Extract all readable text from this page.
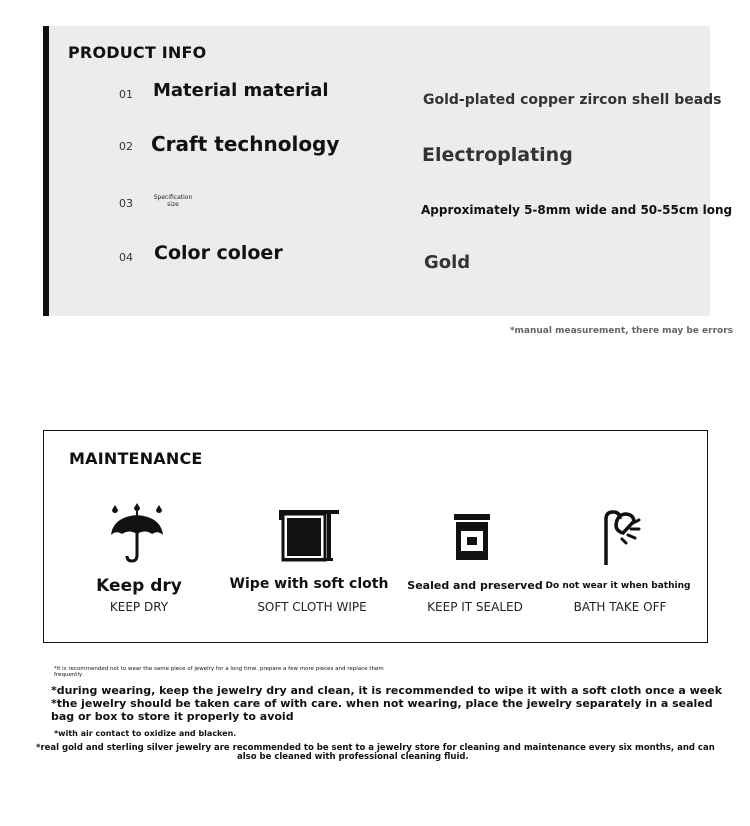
PRODUCT INFO
01 Material material	Gold-plated copper zircon shell beads
02 Craft technology	Electroplating
03	Specification size	Approximately 5-8mm wide and 50-55cm long
04 Color coloer	Gold
*manual measurement, there may be errors
MAINTENANCE
Keep dry
KEEP DRY
Wipe with soft cloth
SOFT CLOTH WIPE
Sealed and preserved
KEEP IT SEALED
Do not wear it when bathing
BATH TAKE OFF
*it is recommended not to wear the same piece of jewelry for a long time. prepare a few more pieces and replace them
frequently
*during wearing, keep the jewelry dry and clean, it is recommended to wipe it with a soft cloth once a week
*the jewelry should be taken care of with care. when not wearing, place the jewelry separately in a sealed
bag or box to store it properly to avoid
*with air contact to oxidize and blacken.
*real gold and sterling silver jewelry are recommended to be sent to a jewelry store for cleaning and maintenance every six months, and can
also be cleaned with professional cleaning fluid.
